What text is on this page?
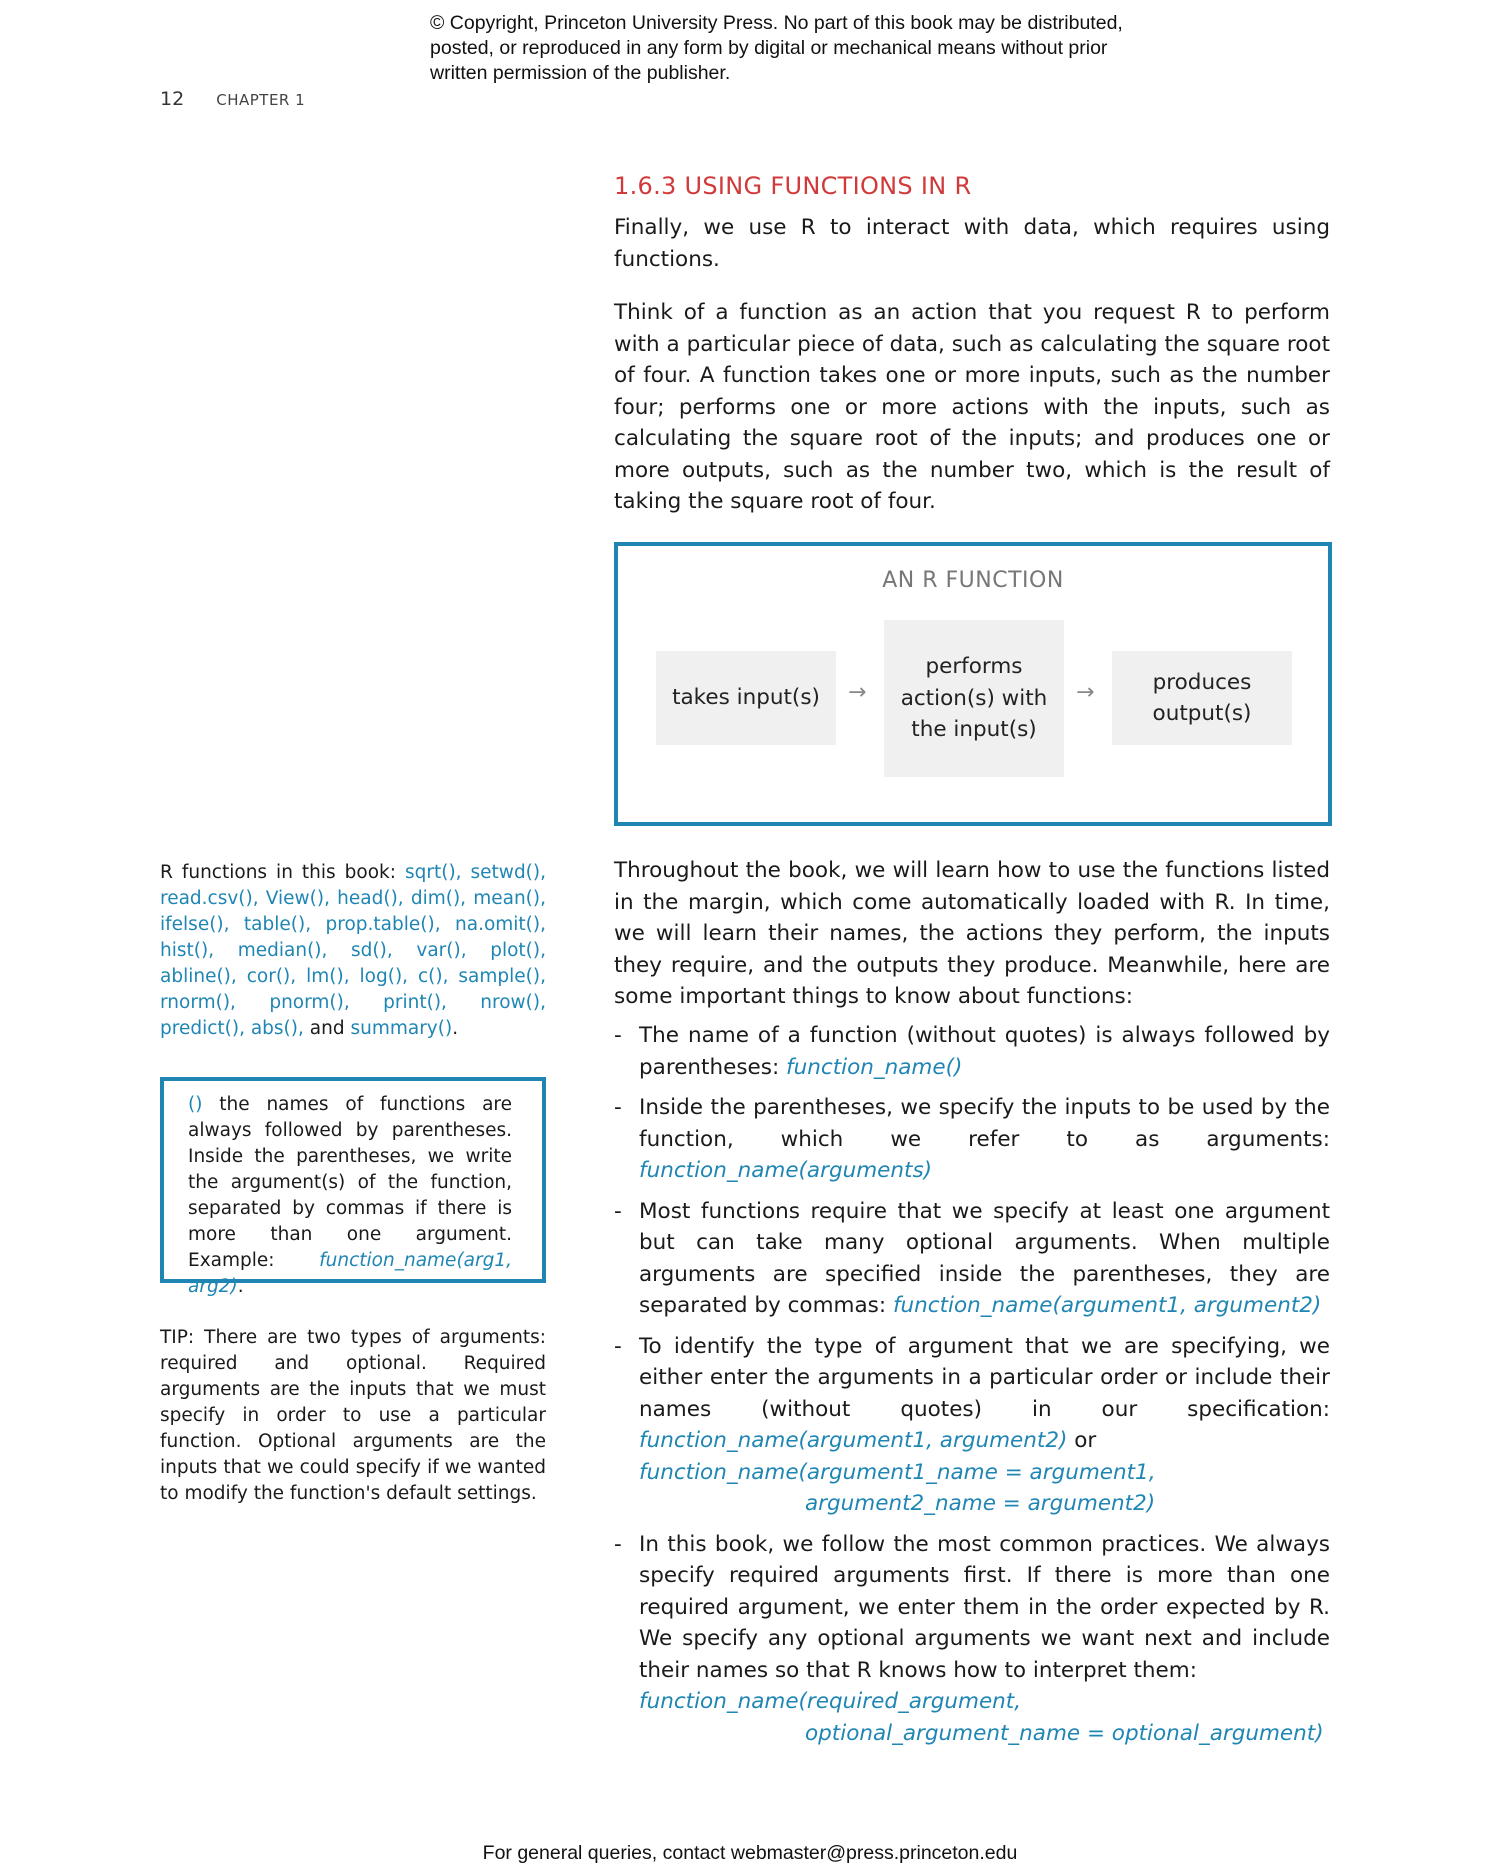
© Copyright, Princeton University Press. No part of this book may be distributed, posted, or reproduced in any form by digital or mechanical means without prior written permission of the publisher.
12 CHAPTER 1
1.6.3 USING FUNCTIONS IN R

Finally, we use R to interact with data, which requires using functions.

Think of a function as an action that you request R to perform with a particular piece of data, such as calculating the square root of four. A function takes one or more inputs, such as the number four; performs one or more actions with the inputs, such as calculating the square root of the inputs; and produces one or more outputs, such as the number two, which is the result of taking the square root of four.

AN R FUNCTION
takes input(s)	→
performs action(s) with the input(s)
→	produces output(s)

Throughout the book, we will learn how to use the functions listed in the margin, which come automatically loaded with R. In time, we will learn their names, the actions they perform, the inputs they require, and the outputs they produce. Meanwhile, here are some important things to know about functions:

- The name of a function (without quotes) is always followed by parentheses: function_name()
- Inside the parentheses, we specify the inputs to be used by the function, which we refer to as arguments: function_name(arguments)
- Most functions require that we specify at least one argument but can take many optional arguments. When multiple arguments are specified inside the parentheses, they are separated by commas: function_name(argument1, argument2)
- To identify the type of argument that we are specifying, we either enter the arguments in a particular order or include their names (without quotes) in our specification: function_name(argument1, argument2) or
function_name(argument1_name = argument1,
argument2_name = argument2)
- In this book, we follow the most common practices. We always specify required arguments first. If there is more than one required argument, we enter them in the order expected by R. We specify any optional arguments we want next and include their names so that R knows how to interpret them:
function_name(required_argument,
optional_argument_name = optional_argument)
R functions in this book: sqrt(), setwd(), read.csv(), View(), head(), dim(), mean(), ifelse(), table(), prop.table(), na.omit(), hist(), median(), sd(), var(), plot(), abline(), cor(), lm(), log(), c(), sample(), rnorm(), pnorm(), print(), nrow(), predict(), abs(), and summary().
() the names of functions are always followed by parentheses. Inside the parentheses, we write the argument(s) of the function, separated by commas if there is more than one argument. Example: function_name(arg1, arg2).
TIP: There are two types of arguments: required and optional. Required arguments are the inputs that we must specify in order to use a particular function. Optional arguments are the inputs that we could specify if we wanted to modify the function's default settings.
For general queries, contact webmaster@press.princeton.edu
